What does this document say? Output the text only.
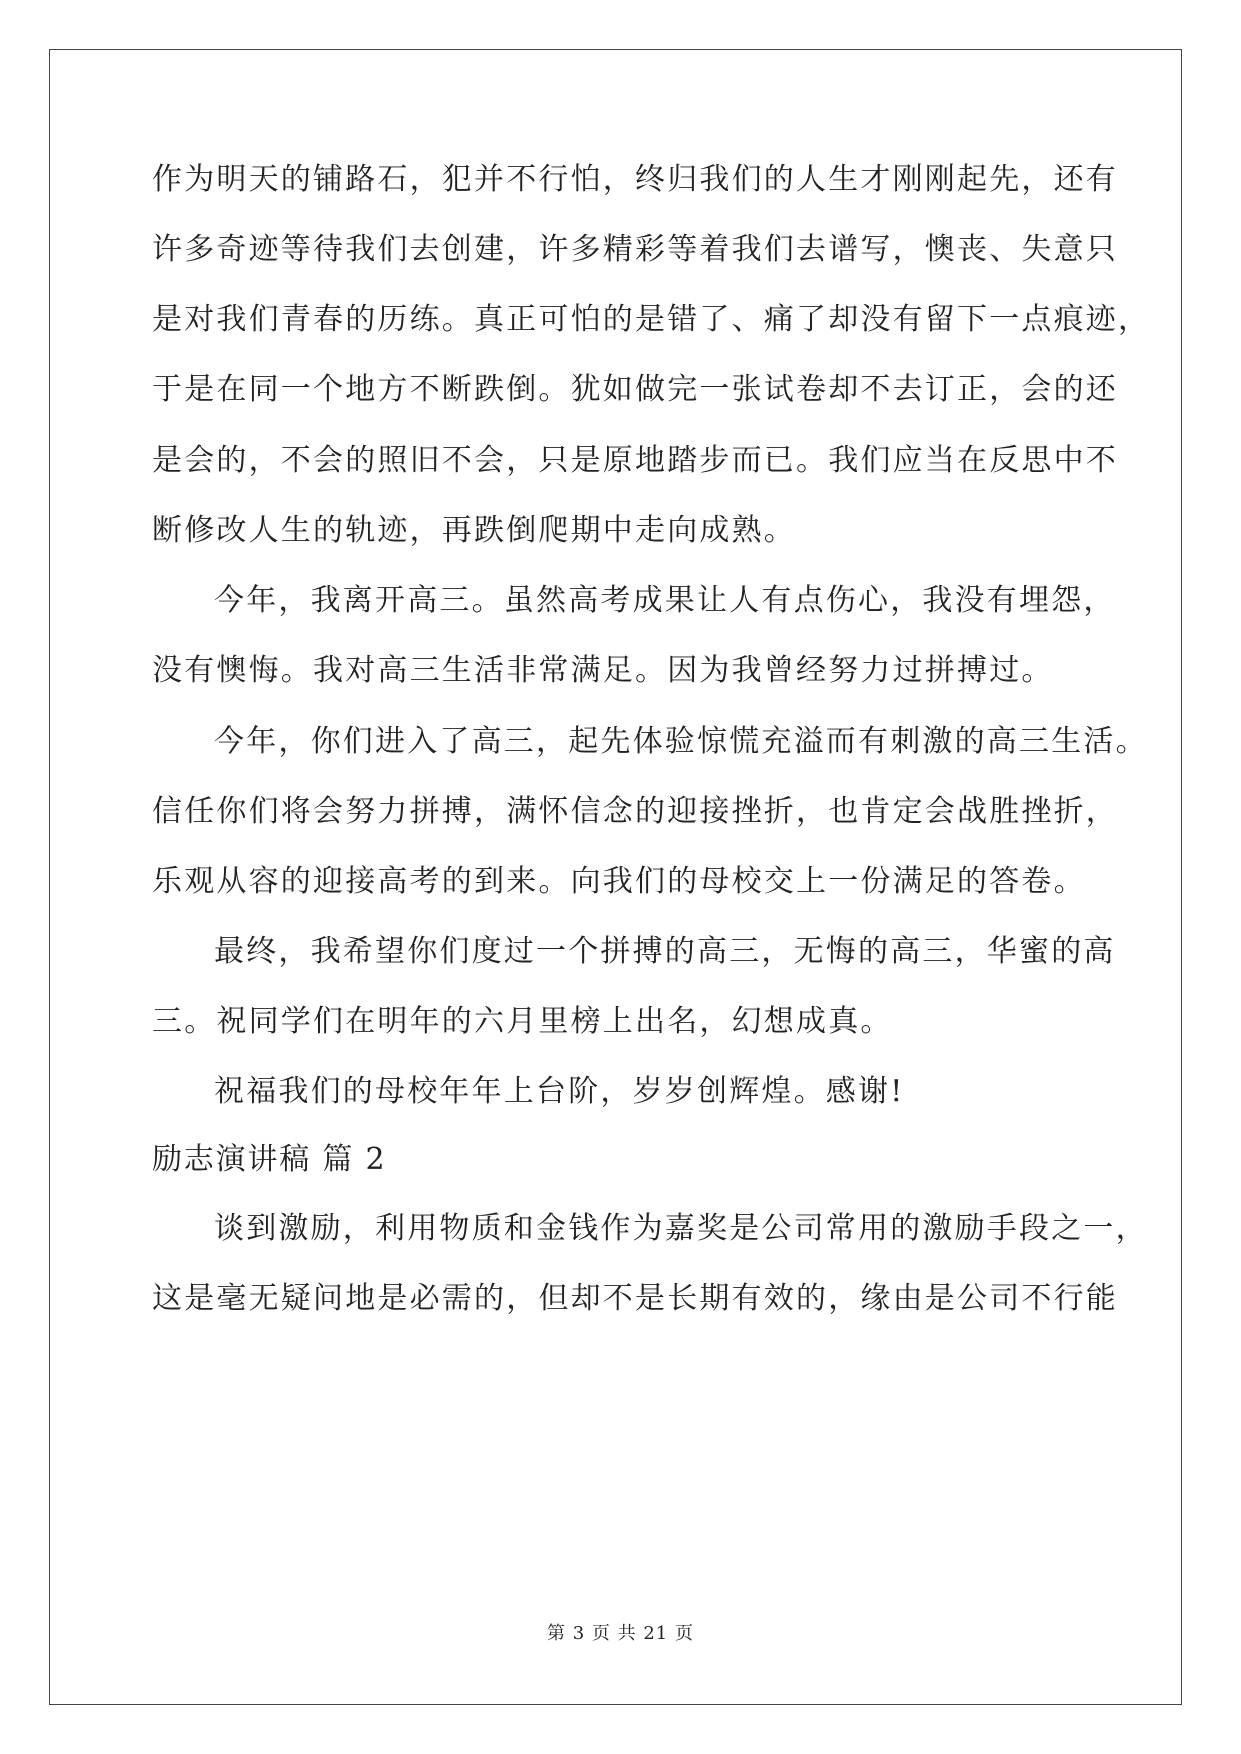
作为明天的铺路石，犯并不行怕，终归我们的人生才刚刚起先，还有
许多奇迹等待我们去创建，许多精彩等着我们去谱写，懊丧、失意只
是对我们青春的历练。真正可怕的是错了、痛了却没有留下一点痕迹，
于是在同一个地方不断跌倒。犹如做完一张试卷却不去订正，会的还
是会的，不会的照旧不会，只是原地踏步而已。我们应当在反思中不
断修改人生的轨迹，再跌倒爬期中走向成熟。
今年，我离开高三。虽然高考成果让人有点伤心，我没有埋怨，
没有懊悔。我对高三生活非常满足。因为我曾经努力过拼搏过。
今年，你们进入了高三，起先体验惊慌充溢而有刺激的高三生活。
信任你们将会努力拼搏，满怀信念的迎接挫折，也肯定会战胜挫折，
乐观从容的迎接高考的到来。向我们的母校交上一份满足的答卷。
最终，我希望你们度过一个拼搏的高三，无悔的高三，华蜜的高
三。祝同学们在明年的六月里榜上出名，幻想成真。
祝福我们的母校年年上台阶，岁岁创辉煌。感谢!
励志演讲稿 篇 2
谈到激励，利用物质和金钱作为嘉奖是公司常用的激励手段之一，
这是毫无疑问地是必需的，但却不是长期有效的，缘由是公司不行能
第 3 页 共 21 页
